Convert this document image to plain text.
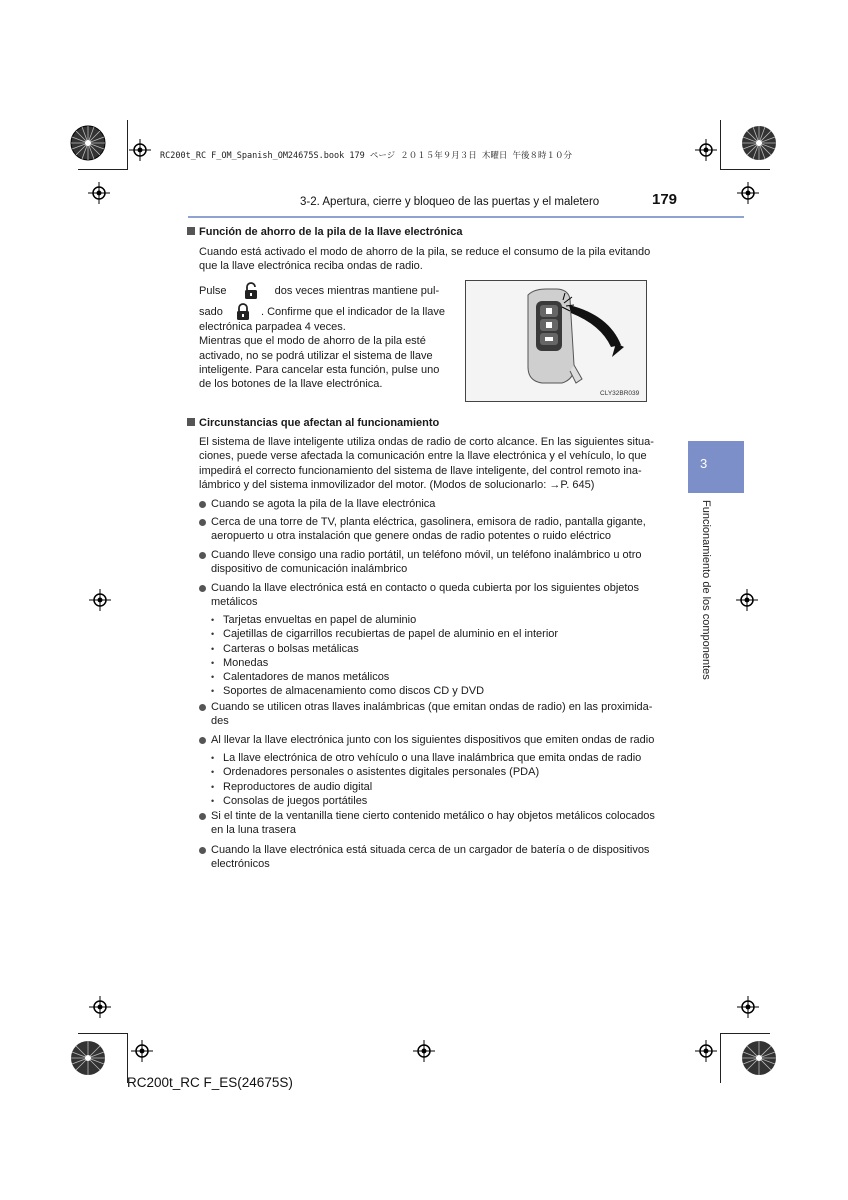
RC200t_RC F_OM_Spanish_OM24675S.book 179 ページ ２０１５年９月３日 木曜日 午後８時１０分
3-2. Apertura, cierre y bloqueo de las puertas y el maletero	179
3
Funcionamiento de los componentes
Función de ahorro de la pila de la llave electrónica
Cuando está activado el modo de ahorro de la pila, se reduce el consumo de la pila evitando
que la llave electrónica reciba ondas de radio.
Pulse	dos veces mientras mantiene pul-
sado	. Confirme que el indicador de la llave
electrónica parpadea 4 veces.
Mientras que el modo de ahorro de la pila esté
activado, no se podrá utilizar el sistema de llave
inteligente. Para cancelar esta función, pulse uno
de los botones de la llave electrónica.
CLY32BR039
Circunstancias que afectan al funcionamiento
El sistema de llave inteligente utiliza ondas de radio de corto alcance. En las siguientes situa-
ciones, puede verse afectada la comunicación entre la llave electrónica y el vehículo, lo que
impedirá el correcto funcionamiento del sistema de llave inteligente, del control remoto ina-
lámbrico y del sistema inmovilizador del motor. (Modos de solucionarlo: →P. 645)
Cuando se agota la pila de la llave electrónica
Cerca de una torre de TV, planta eléctrica, gasolinera, emisora de radio, pantalla gigante,
aeropuerto u otra instalación que genere ondas de radio potentes o ruido eléctrico
Cuando lleve consigo una radio portátil, un teléfono móvil, un teléfono inalámbrico u otro
dispositivo de comunicación inalámbrico
Cuando la llave electrónica está en contacto o queda cubierta por los siguientes objetos
metálicos
• Tarjetas envueltas en papel de aluminio
• Cajetillas de cigarrillos recubiertas de papel de aluminio en el interior
• Carteras o bolsas metálicas
• Monedas
• Calentadores de manos metálicos
• Soportes de almacenamiento como discos CD y DVD
Cuando se utilicen otras llaves inalámbricas (que emitan ondas de radio) en las proximida-
des
Al llevar la llave electrónica junto con los siguientes dispositivos que emiten ondas de radio
• La llave electrónica de otro vehículo o una llave inalámbrica que emita ondas de radio
• Ordenadores personales o asistentes digitales personales (PDA)
• Reproductores de audio digital
• Consolas de juegos portátiles
Si el tinte de la ventanilla tiene cierto contenido metálico o hay objetos metálicos colocados
en la luna trasera
Cuando la llave electrónica está situada cerca de un cargador de batería o de dispositivos
electrónicos
RC200t_RC F_ES(24675S)
